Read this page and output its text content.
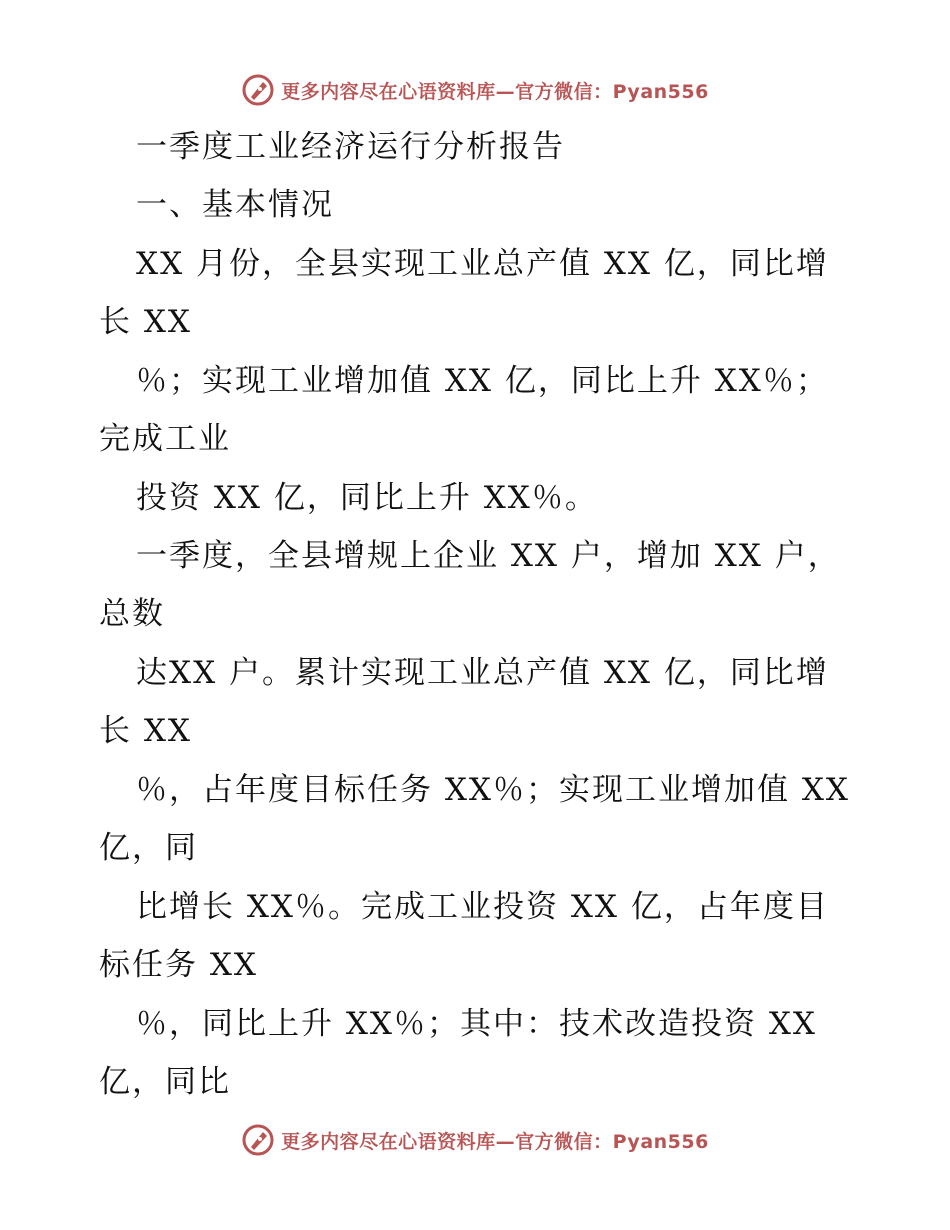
更多内容尽在心语资料库—官方微信：Pyan556
一季度工业经济运行分析报告
一、基本情况
XX 月份，全县实现工业总产值 XX 亿，同比增
长 XX
％；实现工业增加值 XX 亿，同比上升 XX％；
完成工业
投资 XX 亿，同比上升 XX％。
一季度，全县增规上企业 XX 户，增加 XX 户，
总数
达XX 户。累计实现工业总产值 XX 亿，同比增
长 XX
％，占年度目标任务 XX％；实现工业增加值 XX
亿，同
比增长 XX％。完成工业投资 XX 亿，占年度目
标任务 XX
％，同比上升 XX％；其中：技术改造投资 XX
亿，同比
更多内容尽在心语资料库—官方微信：Pyan556
